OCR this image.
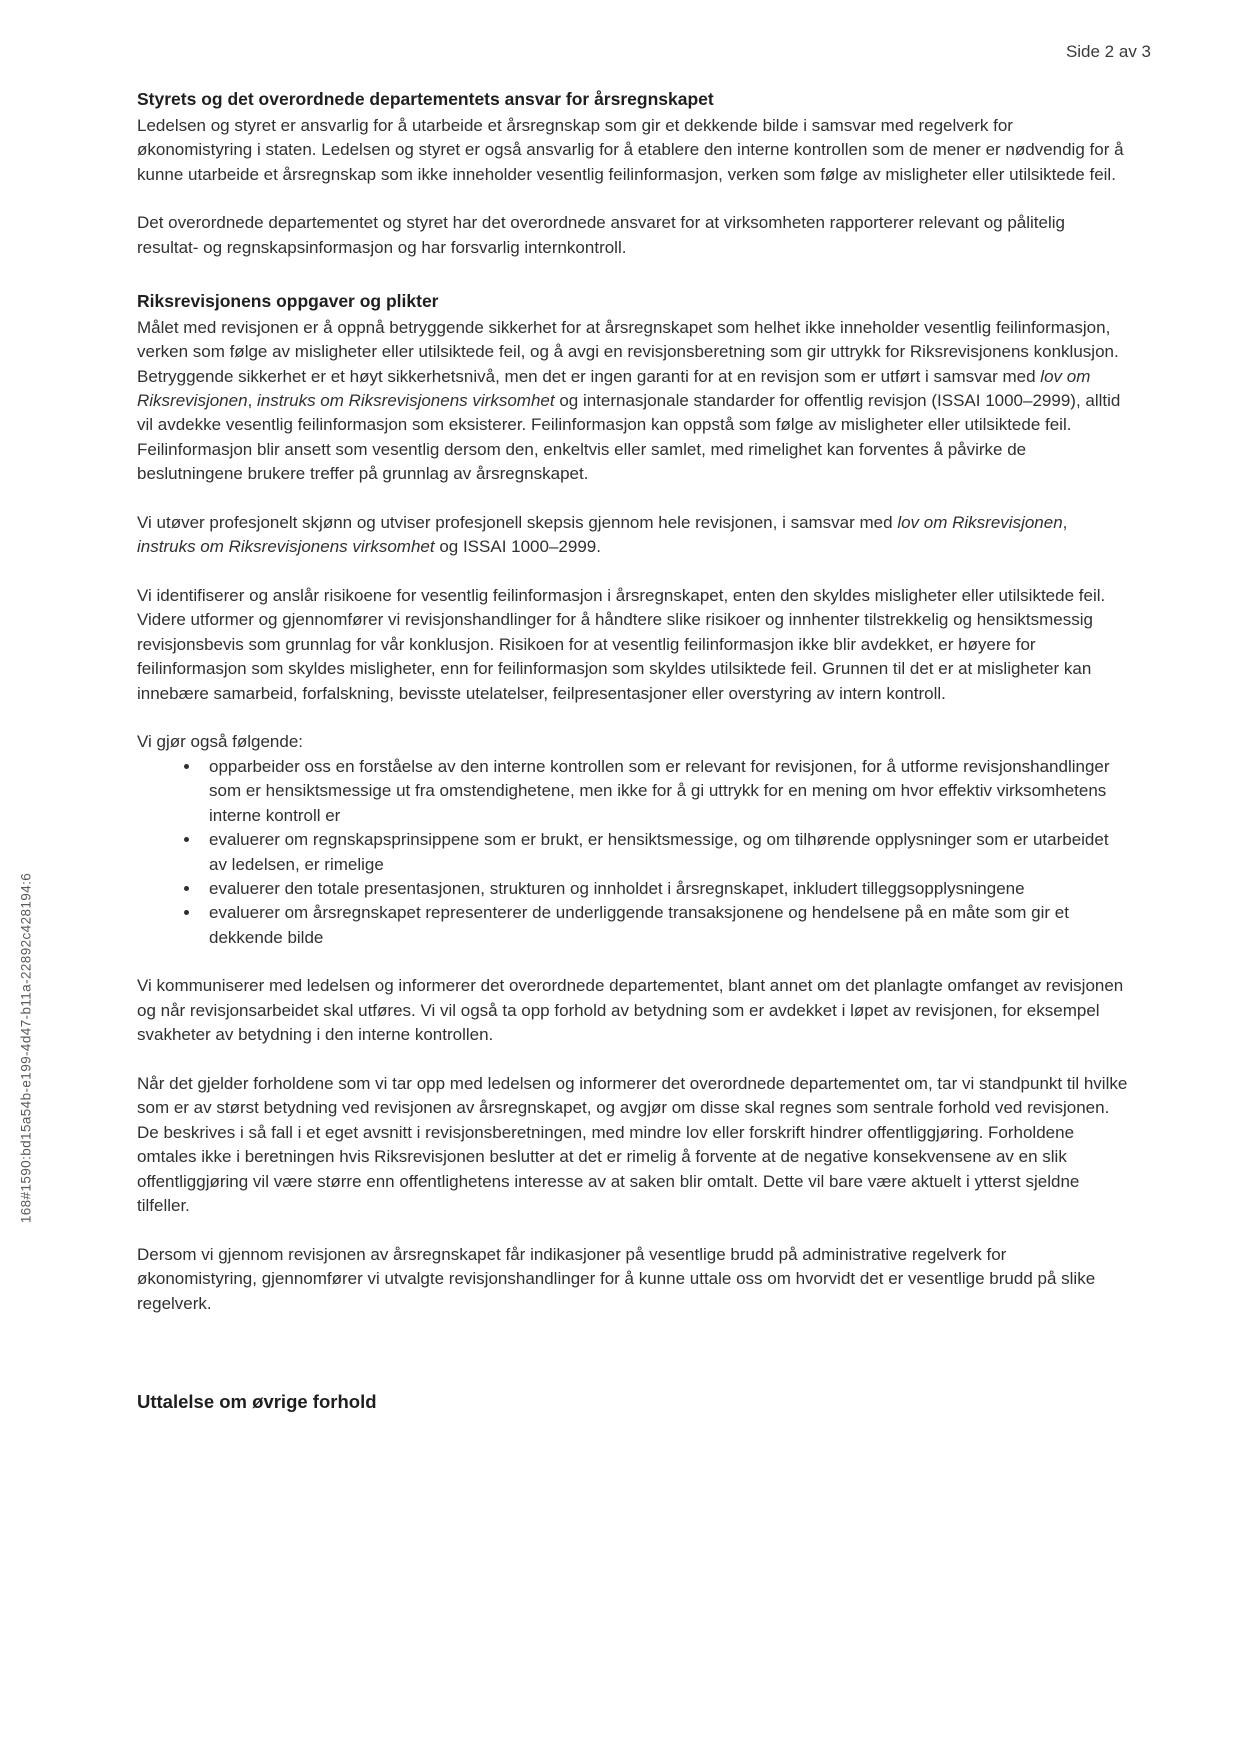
Side 2 av 3
168#1590:bd15a54b-e199-4d47-b11a-22892c428194:6
Styrets og det overordnede departementets ansvar for årsregnskapet

Ledelsen og styret er ansvarlig for å utarbeide et årsregnskap som gir et dekkende bilde i samsvar med regelverk for økonomistyring i staten. Ledelsen og styret er også ansvarlig for å etablere den interne kontrollen som de mener er nødvendig for å kunne utarbeide et årsregnskap som ikke inneholder vesentlig feilinformasjon, verken som følge av misligheter eller utilsiktede feil.

Det overordnede departementet og styret har det overordnede ansvaret for at virksomheten rapporterer relevant og pålitelig resultat- og regnskapsinformasjon og har forsvarlig internkontroll.

Riksrevisjonens oppgaver og plikter

Målet med revisjonen er å oppnå betryggende sikkerhet for at årsregnskapet som helhet ikke inneholder vesentlig feilinformasjon, verken som følge av misligheter eller utilsiktede feil, og å avgi en revisjonsberetning som gir uttrykk for Riksrevisjonens konklusjon. Betryggende sikkerhet er et høyt sikkerhetsnivå, men det er ingen garanti for at en revisjon som er utført i samsvar med lov om Riksrevisjonen, instruks om Riksrevisjonens virksomhet og internasjonale standarder for offentlig revisjon (ISSAI 1000–2999), alltid vil avdekke vesentlig feilinformasjon som eksisterer. Feilinformasjon kan oppstå som følge av misligheter eller utilsiktede feil. Feilinformasjon blir ansett som vesentlig dersom den, enkeltvis eller samlet, med rimelighet kan forventes å påvirke de beslutningene brukere treffer på grunnlag av årsregnskapet.

Vi utøver profesjonelt skjønn og utviser profesjonell skepsis gjennom hele revisjonen, i samsvar med lov om Riksrevisjonen, instruks om Riksrevisjonens virksomhet og ISSAI 1000–2999.

Vi identifiserer og anslår risikoene for vesentlig feilinformasjon i årsregnskapet, enten den skyldes misligheter eller utilsiktede feil. Videre utformer og gjennomfører vi revisjonshandlinger for å håndtere slike risikoer og innhenter tilstrekkelig og hensiktsmessig revisjonsbevis som grunnlag for vår konklusjon. Risikoen for at vesentlig feilinformasjon ikke blir avdekket, er høyere for feilinformasjon som skyldes misligheter, enn for feilinformasjon som skyldes utilsiktede feil. Grunnen til det er at misligheter kan innebære samarbeid, forfalskning, bevisste utelatelser, feilpresentasjoner eller overstyring av intern kontroll.

Vi gjør også følgende:

• opparbeider oss en forståelse av den interne kontrollen som er relevant for revisjonen, for å utforme revisjonshandlinger som er hensiktsmessige ut fra omstendighetene, men ikke for å gi uttrykk for en mening om hvor effektiv virksomhetens interne kontroll er
• evaluerer om regnskapsprinsippene som er brukt, er hensiktsmessige, og om tilhørende opplysninger som er utarbeidet av ledelsen, er rimelige
• evaluerer den totale presentasjonen, strukturen og innholdet i årsregnskapet, inkludert tilleggsopplysningene
• evaluerer om årsregnskapet representerer de underliggende transaksjonene og hendelsene på en måte som gir et dekkende bilde

Vi kommuniserer med ledelsen og informerer det overordnede departementet, blant annet om det planlagte omfanget av revisjonen og når revisjonsarbeidet skal utføres. Vi vil også ta opp forhold av betydning som er avdekket i løpet av revisjonen, for eksempel svakheter av betydning i den interne kontrollen.

Når det gjelder forholdene som vi tar opp med ledelsen og informerer det overordnede departementet om, tar vi standpunkt til hvilke som er av størst betydning ved revisjonen av årsregnskapet, og avgjør om disse skal regnes som sentrale forhold ved revisjonen. De beskrives i så fall i et eget avsnitt i revisjonsberetningen, med mindre lov eller forskrift hindrer offentliggjøring. Forholdene omtales ikke i beretningen hvis Riksrevisjonen beslutter at det er rimelig å forvente at de negative konsekvensene av en slik offentliggjøring vil være større enn offentlighetens interesse av at saken blir omtalt. Dette vil bare være aktuelt i ytterst sjeldne tilfeller.

Dersom vi gjennom revisjonen av årsregnskapet får indikasjoner på vesentlige brudd på administrative regelverk for økonomistyring, gjennomfører vi utvalgte revisjonshandlinger for å kunne uttale oss om hvorvidt det er vesentlige brudd på slike regelverk.

Uttalelse om øvrige forhold
